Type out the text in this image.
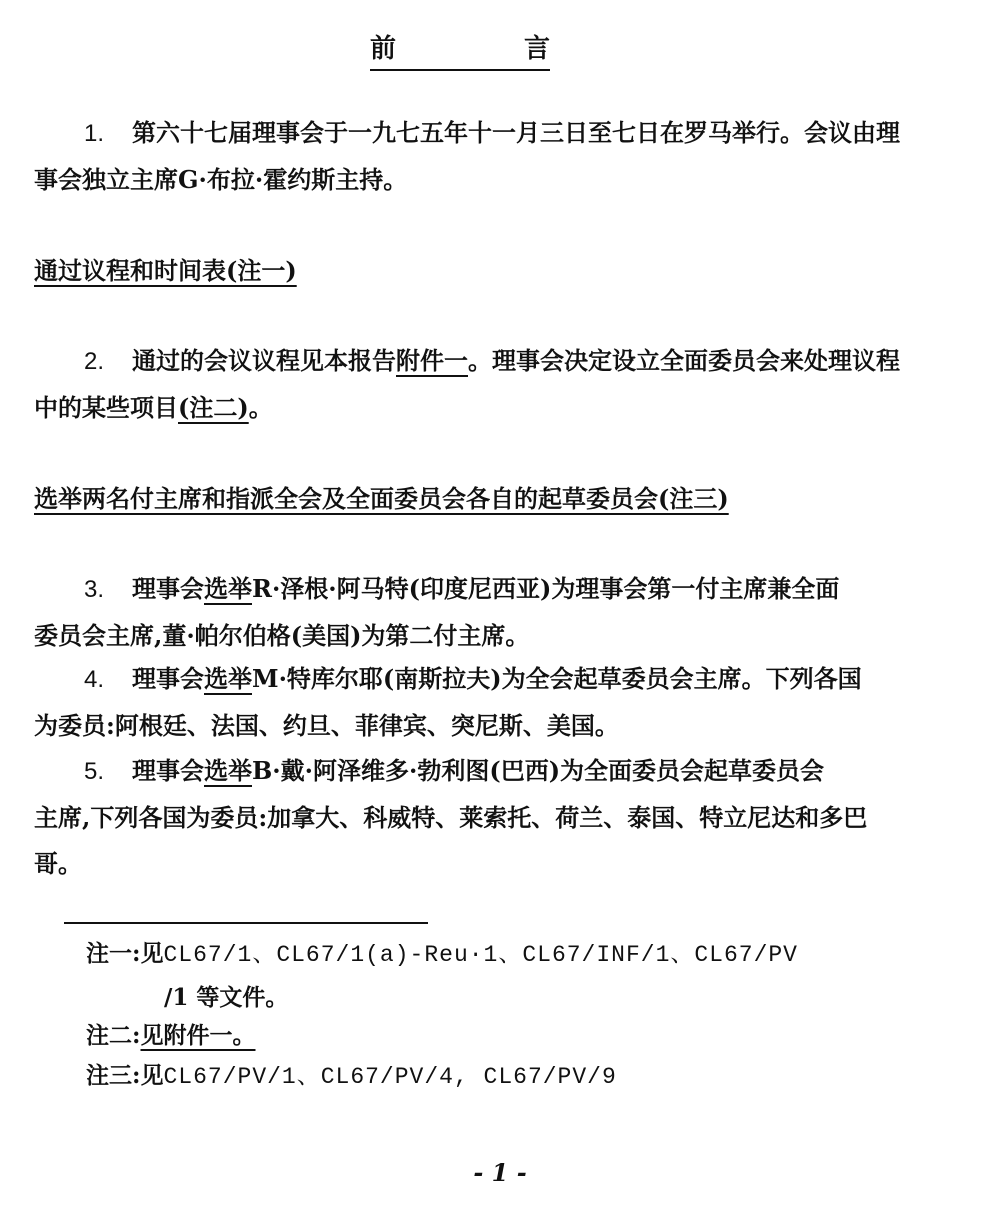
前	言
1. 第六十七届理事会于一九七五年十一月三日至七日在罗马举行。会议由理
事会独立主席G·布拉·霍约斯主持。
通过议程和时间表(注一)
2. 通过的会议议程见本报告附件一。理事会决定设立全面委员会来处理议程
中的某些项目(注二)。
选举两名付主席和指派全会及全面委员会各自的起草委员会(注三)
3. 理事会选举R·泽根·阿马特(印度尼西亚)为理事会第一付主席兼全面
委员会主席,董·帕尔伯格(美国)为第二付主席。
4. 理事会选举M·特库尔耶(南斯拉夫)为全会起草委员会主席。下列各国
为委员:阿根廷、法国、约旦、菲律宾、突尼斯、美国。
5. 理事会选举B·戴·阿泽维多·勃利图(巴西)为全面委员会起草委员会
主席,下列各国为委员:加拿大、科威特、莱索托、荷兰、泰国、特立尼达和多巴
哥。
注一:见CL67/1、CL67/1(a)-Reu·1、CL67/INF/1、CL67/PV
/1 等文件。
注二:见附件一。
注三:见CL67/PV/1、CL67/PV/4, CL67/PV/9
- 1 -
